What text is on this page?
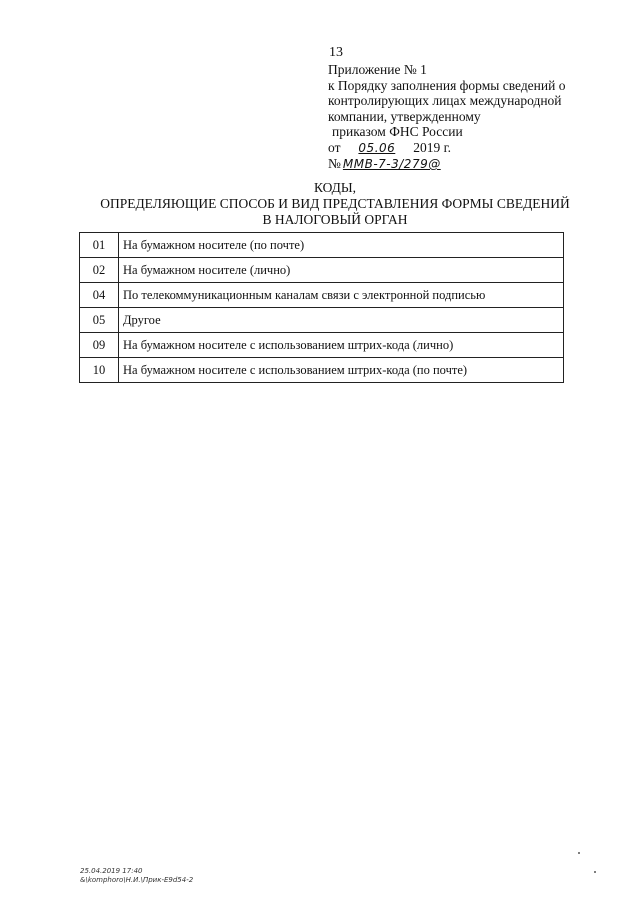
13
Приложение № 1
к Порядку заполнения формы сведений о
контролирующих лицах международной
компании, утвержденному
приказом ФНС России
от 05.06 2019 г.
№ ММВ-7-3/279@
КОДЫ,
ОПРЕДЕЛЯЮЩИЕ СПОСОБ И ВИД ПРЕДСТАВЛЕНИЯ ФОРМЫ СВЕДЕНИЙ
В НАЛОГОВЫЙ ОРГАН
01	На бумажном носителе (по почте)
02	На бумажном носителе (лично)
04	По телекоммуникационным каналам связи с электронной подписью
05	Другое
09	На бумажном носителе с использованием штрих-кода (лично)
10	На бумажном носителе с использованием штрих-кода (по почте)
25.04.2019 17:40
&\komphoro\Н.И.\Прик-E9d54-2
